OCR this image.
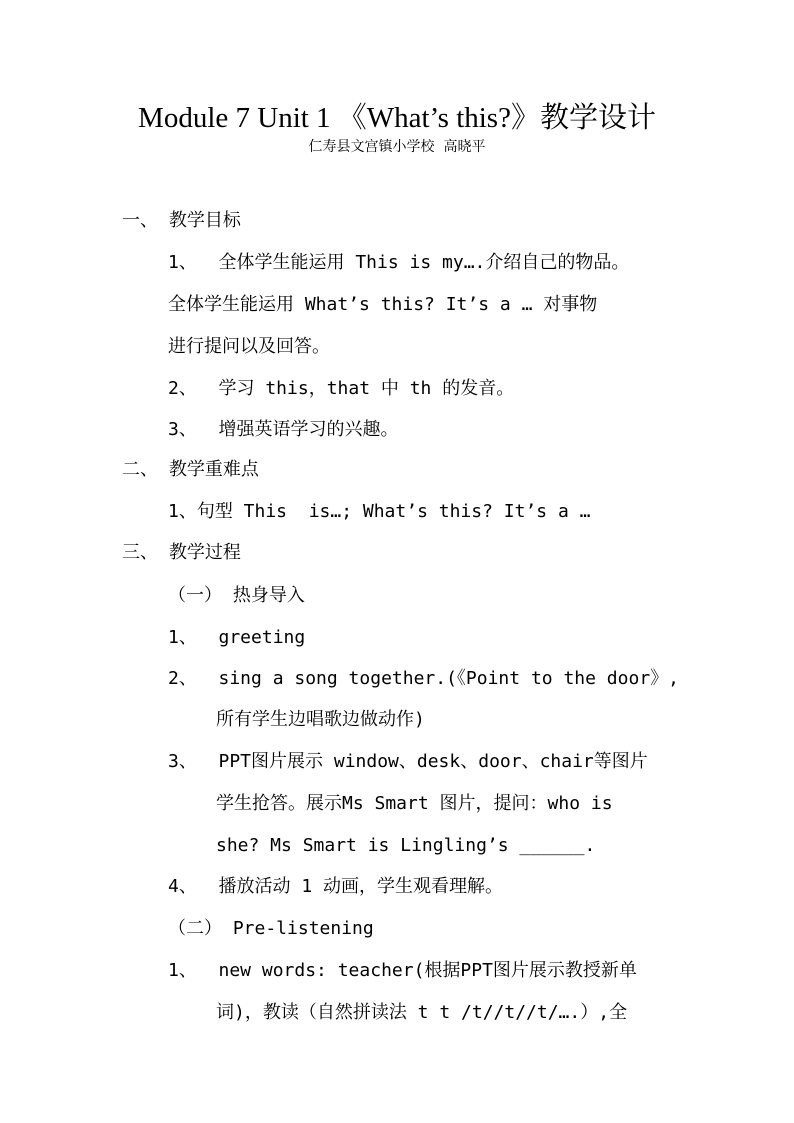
Module 7 Unit 1 《What’s this?》教学设计
仁寿县文宫镇小学校  高晓平
一、 教学目标
1、  全体学生能运用 This is my….介绍自己的物品。
全体学生能运用 What’s this? It’s a … 对事物
进行提问以及回答。
2、  学习 this，that 中 th 的发音。
3、  增强英语学习的兴趣。
二、 教学重难点
1、句型 This  is…; What’s this? It’s a …
三、 教学过程
（一） 热身导入
1、  greeting
2、  sing a song together.(《Point to the door》,
所有学生边唱歌边做动作)
3、  PPT图片展示 window、desk、door、chair等图片
学生抢答。展示Ms Smart 图片，提问：who is
she? Ms Smart is Lingling’s ______.
4、  播放活动 1 动画，学生观看理解。
（二） Pre-listening
1、  new words: teacher(根据PPT图片展示教授新单
词)，教读（自然拼读法 t t /t//t//t/….）,全
